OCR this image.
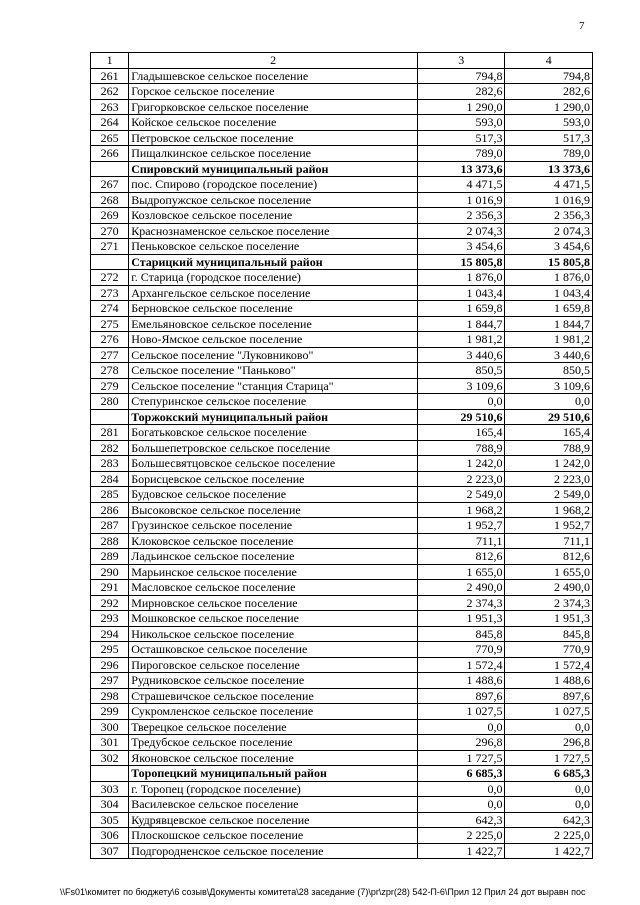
7
1	2	3	4
261	Гладышевское сельское поселение	794,8	794,8
262	Горское сельское поселение	282,6	282,6
263	Григорковское сельское поселение	1 290,0	1 290,0
264	Койское сельское поселение	593,0	593,0
265	Петровское сельское поселение	517,3	517,3
266	Пищалкинское сельское поселение	789,0	789,0
	Спировский муниципальный район	13 373,6	13 373,6
267	пос. Спирово (городское поселение)	4 471,5	4 471,5
268	Выдропужское сельское поселение	1 016,9	1 016,9
269	Козловское сельское поселение	2 356,3	2 356,3
270	Краснознаменское сельское поселение	2 074,3	2 074,3
271	Пеньковское сельское поселение	3 454,6	3 454,6
	Старицкий муниципальный район	15 805,8	15 805,8
272	г. Старица (городское поселение)	1 876,0	1 876,0
273	Архангельское сельское поселение	1 043,4	1 043,4
274	Берновское сельское поселение	1 659,8	1 659,8
275	Емельяновское сельское поселение	1 844,7	1 844,7
276	Ново-Ямское сельское поселение	1 981,2	1 981,2
277	Сельское поселение "Луковниково"	3 440,6	3 440,6
278	Сельское поселение "Паньково"	850,5	850,5
279	Сельское поселение "станция Старица"	3 109,6	3 109,6
280	Степуринское сельское поселение	0,0	0,0
	Торжокский муниципальный район	29 510,6	29 510,6
281	Богатьковское сельское поселение	165,4	165,4
282	Большепетровское сельское поселение	788,9	788,9
283	Большесвятцовское сельское поселение	1 242,0	1 242,0
284	Борисцевское сельское поселение	2 223,0	2 223,0
285	Будовское сельское поселение	2 549,0	2 549,0
286	Высоковское сельское поселение	1 968,2	1 968,2
287	Грузинское сельское поселение	1 952,7	1 952,7
288	Клоковское сельское поселение	711,1	711,1
289	Ладьинское сельское поселение	812,6	812,6
290	Марьинское сельское поселение	1 655,0	1 655,0
291	Масловское сельское поселение	2 490,0	2 490,0
292	Мирновское сельское поселение	2 374,3	2 374,3
293	Мошковское сельское поселение	1 951,3	1 951,3
294	Никольское сельское поселение	845,8	845,8
295	Осташковское сельское поселение	770,9	770,9
296	Пироговское сельское поселение	1 572,4	1 572,4
297	Рудниковское сельское поселение	1 488,6	1 488,6
298	Страшевичское сельское поселение	897,6	897,6
299	Сукромленское сельское поселение	1 027,5	1 027,5
300	Тверецкое сельское поселение	0,0	0,0
301	Тредубское сельское поселение	296,8	296,8
302	Яконовское сельское поселение	1 727,5	1 727,5
	Торопецкий муниципальный район	6 685,3	6 685,3
303	г. Торопец (городское поселение)	0,0	0,0
304	Василевское сельское поселение	0,0	0,0
305	Кудрявцевское сельское поселение	642,3	642,3
306	Плоскошское сельское поселение	2 225,0	2 225,0
307	Подгородненское сельское поселение	1 422,7	1 422,7
\\Fs01\комитет по бюджету\6 созыв\Документы комитета\28 заседание (7)\pr\zpr(28) 542-П-6\Прил 12 Прил 24 дот выравн пос
